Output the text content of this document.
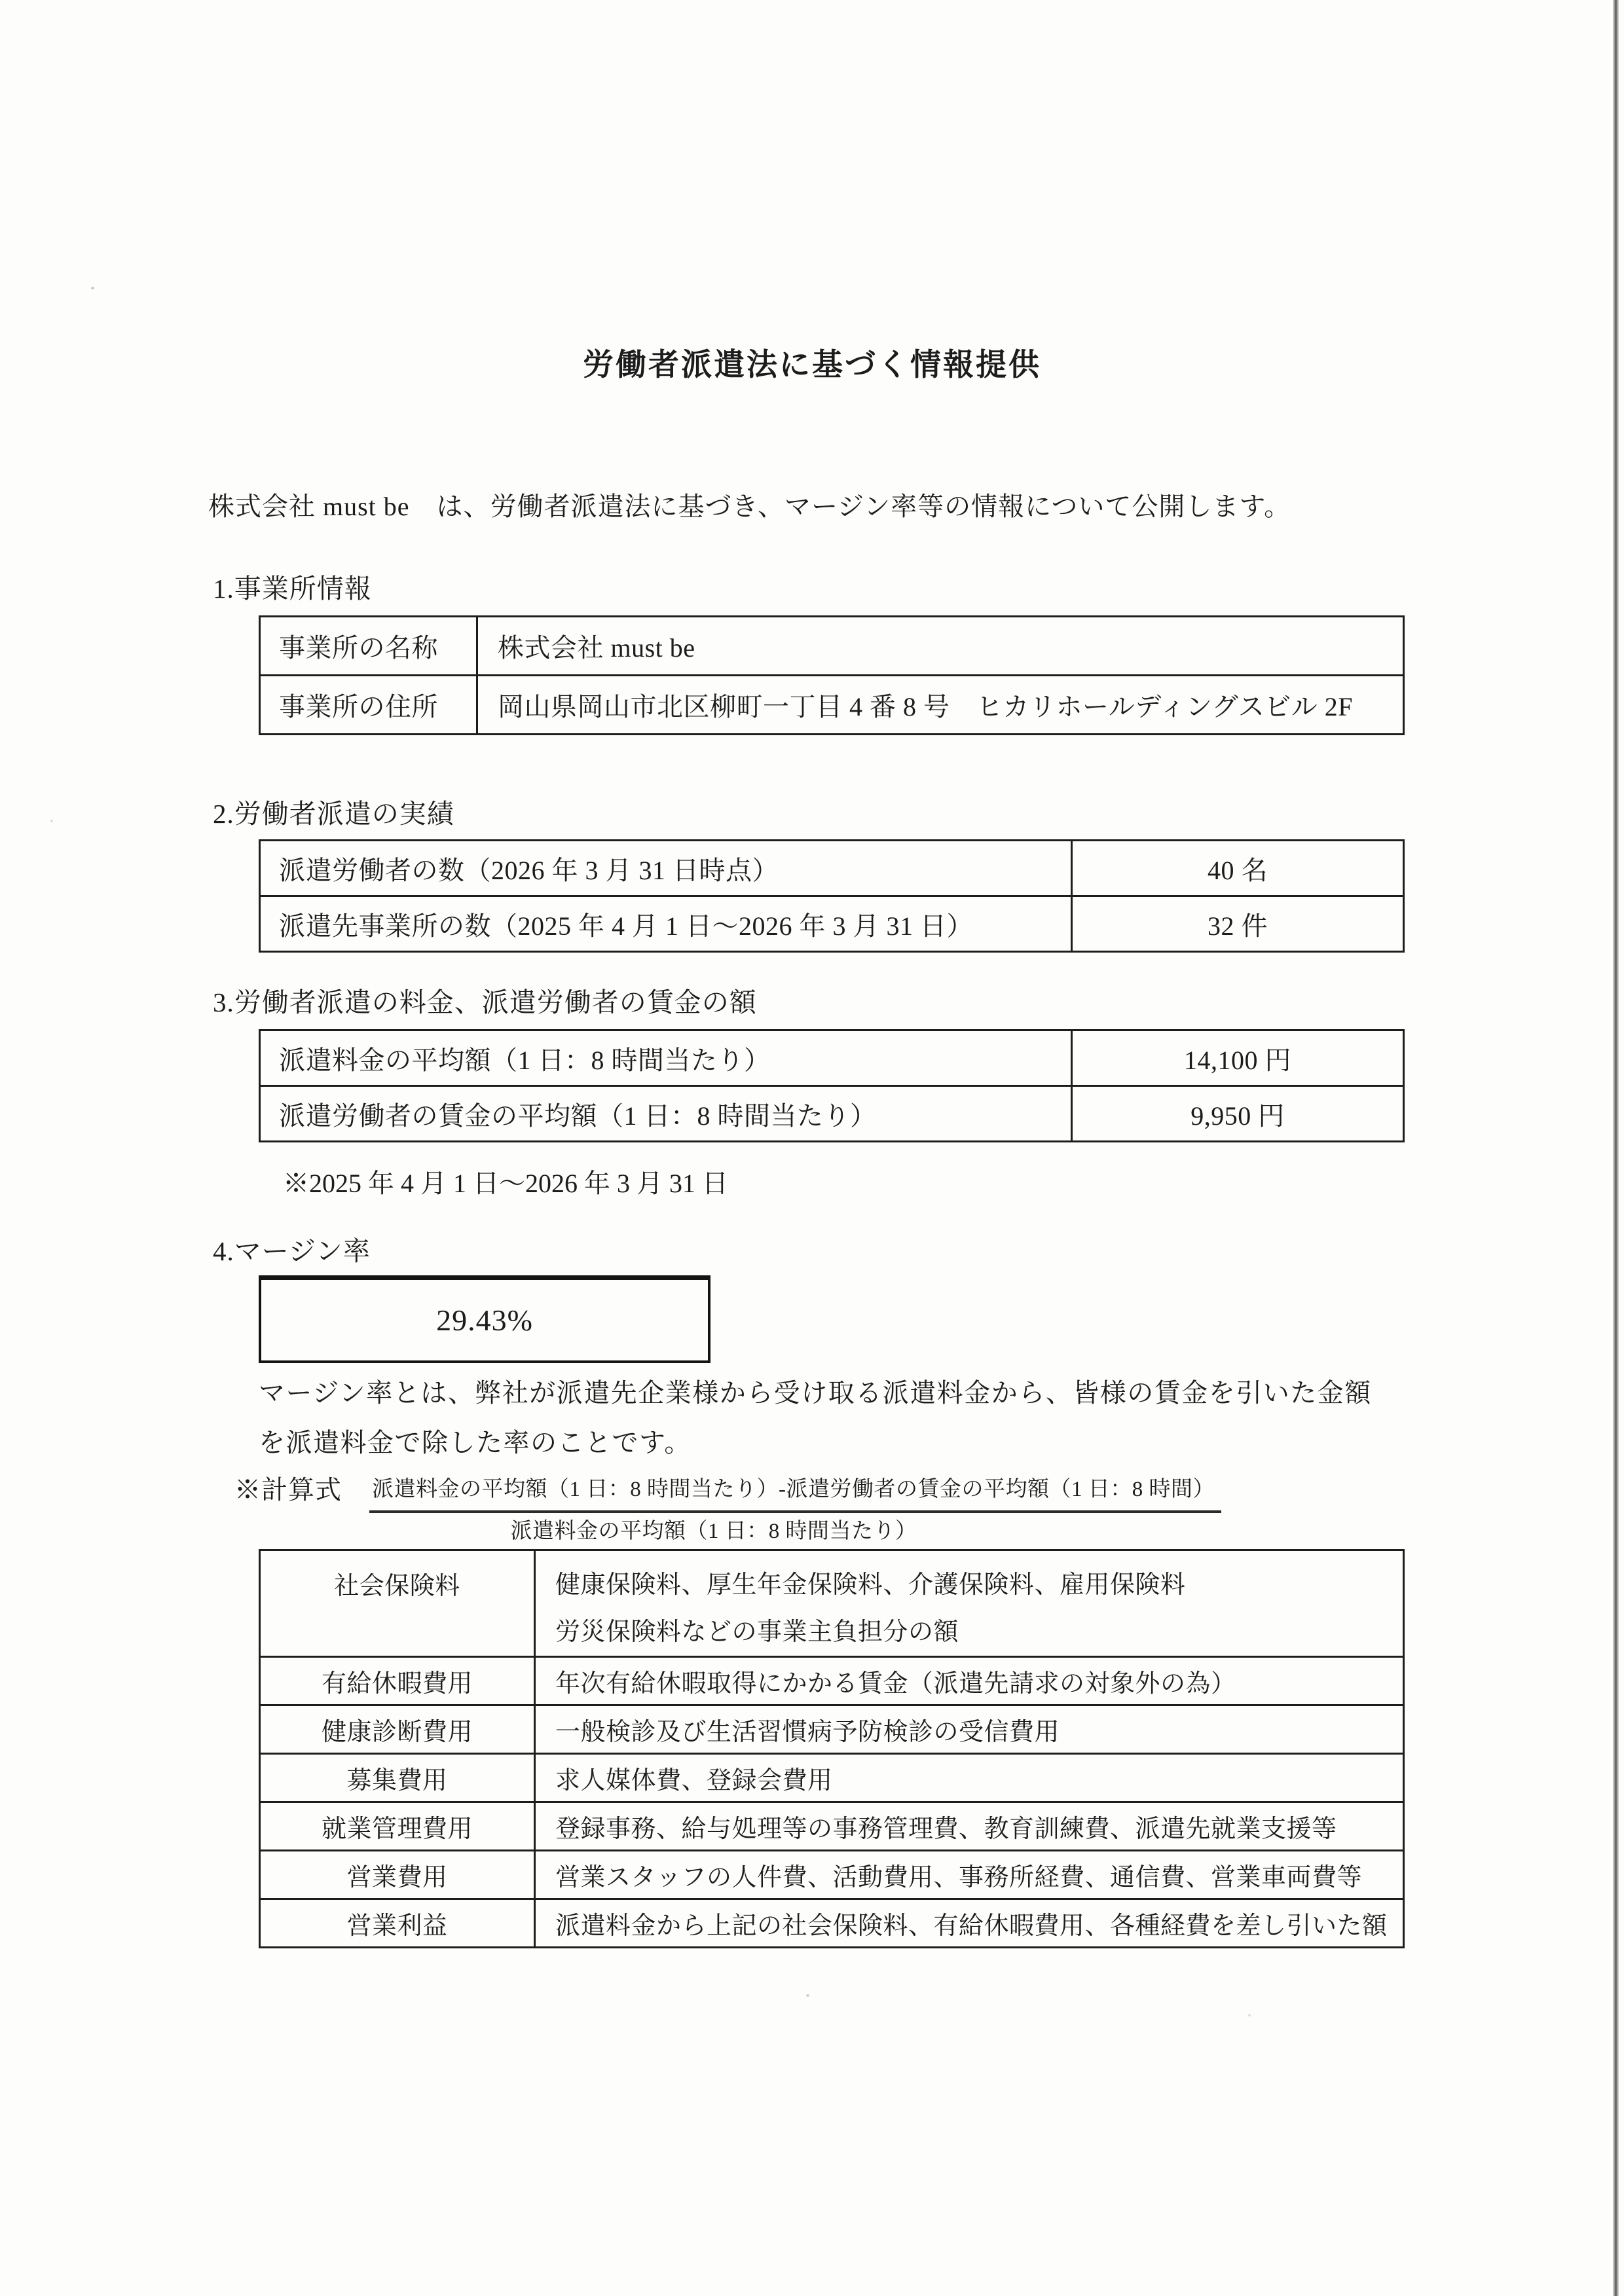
労働者派遣法に基づく情報提供
株式会社 must be　は、労働者派遣法に基づき、マージン率等の情報について公開します。
1.事業所情報
事業所の名称	株式会社 must be
事業所の住所	岡山県岡山市北区柳町一丁目 4 番 8 号　ヒカリホールディングスビル 2F
2.労働者派遣の実績
派遣労働者の数（2026 年 3 月 31 日時点）	40 名
派遣先事業所の数（2025 年 4 月 1 日～2026 年 3 月 31 日）	32 件
3.労働者派遣の料金、派遣労働者の賃金の額
派遣料金の平均額（1 日：8 時間当たり）	14,100 円
派遣労働者の賃金の平均額（1 日：8 時間当たり）	9,950 円
※2025 年 4 月 1 日～2026 年 3 月 31 日
4.マージン率
29.43%
マージン率とは、弊社が派遣先企業様から受け取る派遣料金から、皆様の賃金を引いた金額
を派遣料金で除した率のことです。
※計算式 派遣料金の平均額（1 日：8 時間当たり）-派遣労働者の賃金の平均額（1 日：8 時間）
派遣料金の平均額（1 日：8 時間当たり）
社会保険料	健康保険料、厚生年金保険料、介護保険料、雇用保険料
労災保険料などの事業主負担分の額

有給休暇費用	年次有給休暇取得にかかる賃金（派遣先請求の対象外の為）
健康診断費用	一般検診及び生活習慣病予防検診の受信費用
募集費用	求人媒体費、登録会費用
就業管理費用	登録事務、給与処理等の事務管理費、教育訓練費、派遣先就業支援等
営業費用	営業スタッフの人件費、活動費用、事務所経費、通信費、営業車両費等
営業利益	派遣料金から上記の社会保険料、有給休暇費用、各種経費を差し引いた額
